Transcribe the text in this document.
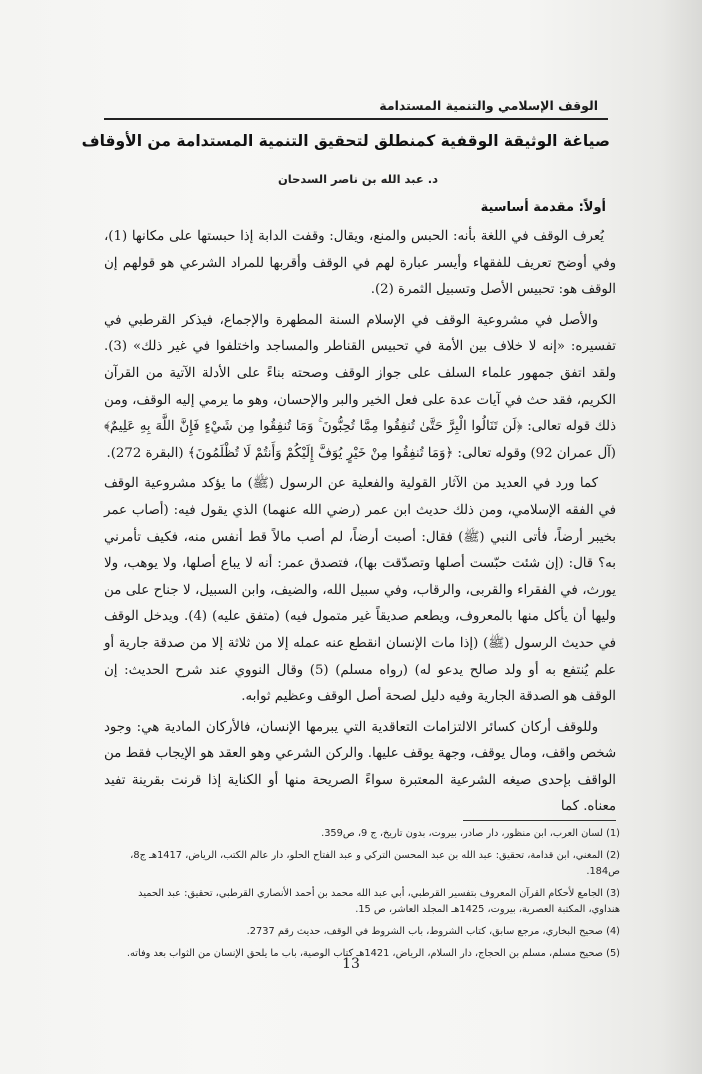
الوقف الإسلامي والتنمية المستدامة
صياغة الوثيقة الوقفية كمنطلق لتحقيق التنمية المستدامة من الأوقاف
د. عبد الله بن ناصر السدحان
أولاً: مقدمة أساسية

يُعرف الوقف في اللغة بأنه: الحبس والمنع، ويقال: وقفت الدابة إذا حبستها على مكانها (1)، وفي أوضح تعريف للفقهاء وأيسر عبارة لهم في الوقف وأقربها للمراد الشرعي هو قولهم إن الوقف هو: تحبيس الأصل وتسبيل الثمرة (2).

والأصل في مشروعية الوقف في الإسلام السنة المطهرة والإجماع، فيذكر القرطبي في تفسيره: «إنه لا خلاف بين الأمة في تحبيس القناطر والمساجد واختلفوا في غير ذلك» (3). ولقد اتفق جمهور علماء السلف على جواز الوقف وصحته بناءً على الأدلة الآتية من القرآن الكريم، فقد حث في آيات عدة على فعل الخير والبر والإحسان، وهو ما يرمي إليه الوقف، ومن ذلك قوله تعالى: ﴿لَن تَنَالُوا الْبِرَّ حَتَّىٰ تُنفِقُوا مِمَّا تُحِبُّونَ ۚ وَمَا تُنفِقُوا مِن شَيْءٍ فَإِنَّ اللَّهَ بِهِ عَلِيمٌ﴾ (آل عمران 92) وقوله تعالى: ﴿وَمَا تُنفِقُوا مِنْ خَيْرٍ يُوَفَّ إِلَيْكُمْ وَأَنتُمْ لَا تُظْلَمُونَ﴾ (البقرة 272).

كما ورد في العديد من الآثار القولية والفعلية عن الرسول (ﷺ) ما يؤكد مشروعية الوقف في الفقه الإسلامي، ومن ذلك حديث ابن عمر (رضي الله عنهما) الذي يقول فيه: (أصاب عمر بخيبر أرضاً، فأتى النبي (ﷺ) فقال: أصبت أرضاً، لم أصب مالاً قط أنفس منه، فكيف تأمرني به؟ قال: (إن شئت حبّست أصلها وتصدّقت بها)، فتصدق عمر: أنه لا يباع أصلها، ولا يوهب، ولا يورث، في الفقراء والقربى، والرقاب، وفي سبيل الله، والضيف، وابن السبيل، لا جناح على من وليها أن يأكل منها بالمعروف، ويطعم صديقاً غير متمول فيه) (متفق عليه) (4). ويدخل الوقف في حديث الرسول (ﷺ) (إذا مات الإنسان انقطع عنه عمله إلا من ثلاثة إلا من صدقة جارية أو علم يُنتفع به أو ولد صالح يدعو له) (رواه مسلم) (5) وقال النووي عند شرح الحديث: إن الوقف هو الصدقة الجارية وفيه دليل لصحة أصل الوقف وعظيم ثوابه.

وللوقف أركان كسائر الالتزامات التعاقدية التي يبرمها الإنسان، فالأركان المادية هي: وجود شخص واقف، ومال يوقف، وجهة يوقف عليها. والركن الشرعي وهو العقد هو الإيجاب فقط من الواقف بإحدى صيغه الشرعية المعتبرة سواءً الصريحة منها أو الكناية إذا قرنت بقرينة تفيد معناه. كما

(1) لسان العرب، ابن منظور، دار صادر، بيروت، بدون تاريخ، ج 9، ص359.
(2) المغني، ابن قدامة، تحقيق: عبد الله بن عبد المحسن التركي و عبد الفتاح الحلو، دار عالم الكتب، الرياض، 1417هـ ج8، ص184.
(3) الجامع لأحكام القرآن المعروف بتفسير القرطبي، أبي عبد الله محمد بن أحمد الأنصاري القرطبي، تحقيق: عبد الحميد هنداوي، المكتبة العصرية، بيروت، 1425هـ المجلد العاشر، ص 15.
(4) صحيح البخاري، مرجع سابق، كتاب الشروط، باب الشروط في الوقف، حديث رقم 2737.
(5) صحيح مسلم، مسلم بن الحجاج، دار السلام، الرياض، 1421هـ كتاب الوصية، باب ما يلحق الإنسان من الثواب بعد وفاته.
13
